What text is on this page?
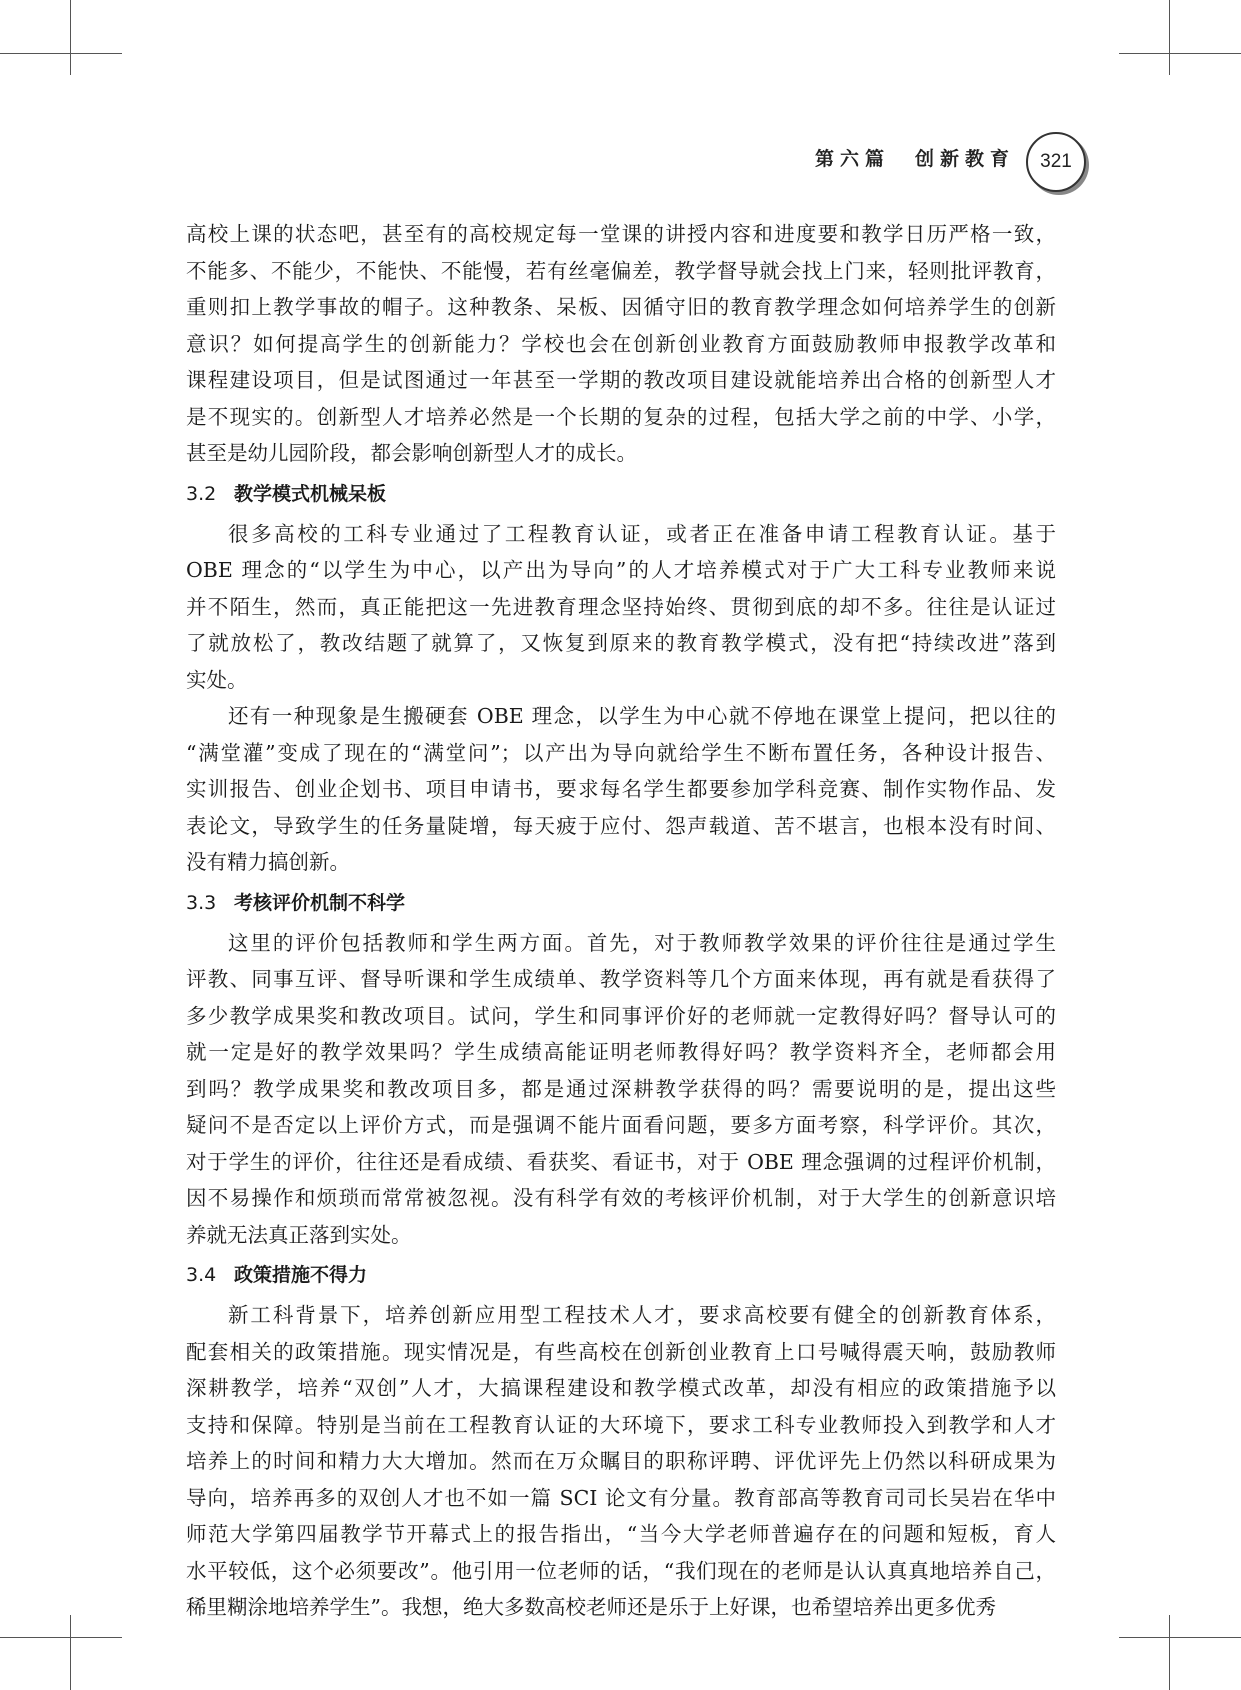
第六篇　创新教育	321
高校上课的状态吧，甚至有的高校规定每一堂课的讲授内容和进度要和教学日历严格一致，
不能多、不能少，不能快、不能慢，若有丝毫偏差，教学督导就会找上门来，轻则批评教育，
重则扣上教学事故的帽子。这种教条、呆板、因循守旧的教育教学理念如何培养学生的创新
意识？如何提高学生的创新能力？学校也会在创新创业教育方面鼓励教师申报教学改革和
课程建设项目，但是试图通过一年甚至一学期的教改项目建设就能培养出合格的创新型人才
是不现实的。创新型人才培养必然是一个长期的复杂的过程，包括大学之前的中学、小学，
甚至是幼儿园阶段，都会影响创新型人才的成长。
3.2 教学模式机械呆板
很多高校的工科专业通过了工程教育认证，或者正在准备申请工程教育认证。基于
OBE 理念的“以学生为中心，以产出为导向”的人才培养模式对于广大工科专业教师来说
并不陌生，然而，真正能把这一先进教育理念坚持始终、贯彻到底的却不多。往往是认证过
了就放松了，教改结题了就算了，又恢复到原来的教育教学模式，没有把“持续改进”落到
实处。
还有一种现象是生搬硬套 OBE 理念，以学生为中心就不停地在课堂上提问，把以往的
“满堂灌”变成了现在的“满堂问”；以产出为导向就给学生不断布置任务，各种设计报告、
实训报告、创业企划书、项目申请书，要求每名学生都要参加学科竞赛、制作实物作品、发
表论文，导致学生的任务量陡增，每天疲于应付、怨声载道、苦不堪言，也根本没有时间、
没有精力搞创新。
3.3 考核评价机制不科学
这里的评价包括教师和学生两方面。首先，对于教师教学效果的评价往往是通过学生
评教、同事互评、督导听课和学生成绩单、教学资料等几个方面来体现，再有就是看获得了
多少教学成果奖和教改项目。试问，学生和同事评价好的老师就一定教得好吗？督导认可的
就一定是好的教学效果吗？学生成绩高能证明老师教得好吗？教学资料齐全，老师都会用
到吗？教学成果奖和教改项目多，都是通过深耕教学获得的吗？需要说明的是，提出这些
疑问不是否定以上评价方式，而是强调不能片面看问题，要多方面考察，科学评价。其次，
对于学生的评价，往往还是看成绩、看获奖、看证书，对于 OBE 理念强调的过程评价机制，
因不易操作和烦琐而常常被忽视。没有科学有效的考核评价机制，对于大学生的创新意识培
养就无法真正落到实处。
3.4 政策措施不得力
新工科背景下，培养创新应用型工程技术人才，要求高校要有健全的创新教育体系，
配套相关的政策措施。现实情况是，有些高校在创新创业教育上口号喊得震天响，鼓励教师
深耕教学，培养“双创”人才，大搞课程建设和教学模式改革，却没有相应的政策措施予以
支持和保障。特别是当前在工程教育认证的大环境下，要求工科专业教师投入到教学和人才
培养上的时间和精力大大增加。然而在万众瞩目的职称评聘、评优评先上仍然以科研成果为
导向，培养再多的双创人才也不如一篇 SCI 论文有分量。教育部高等教育司司长吴岩在华中
师范大学第四届教学节开幕式上的报告指出，“当今大学老师普遍存在的问题和短板，育人
水平较低，这个必须要改”。他引用一位老师的话，“我们现在的老师是认认真真地培养自己，
稀里糊涂地培养学生”。我想，绝大多数高校老师还是乐于上好课，也希望培养出更多优秀
